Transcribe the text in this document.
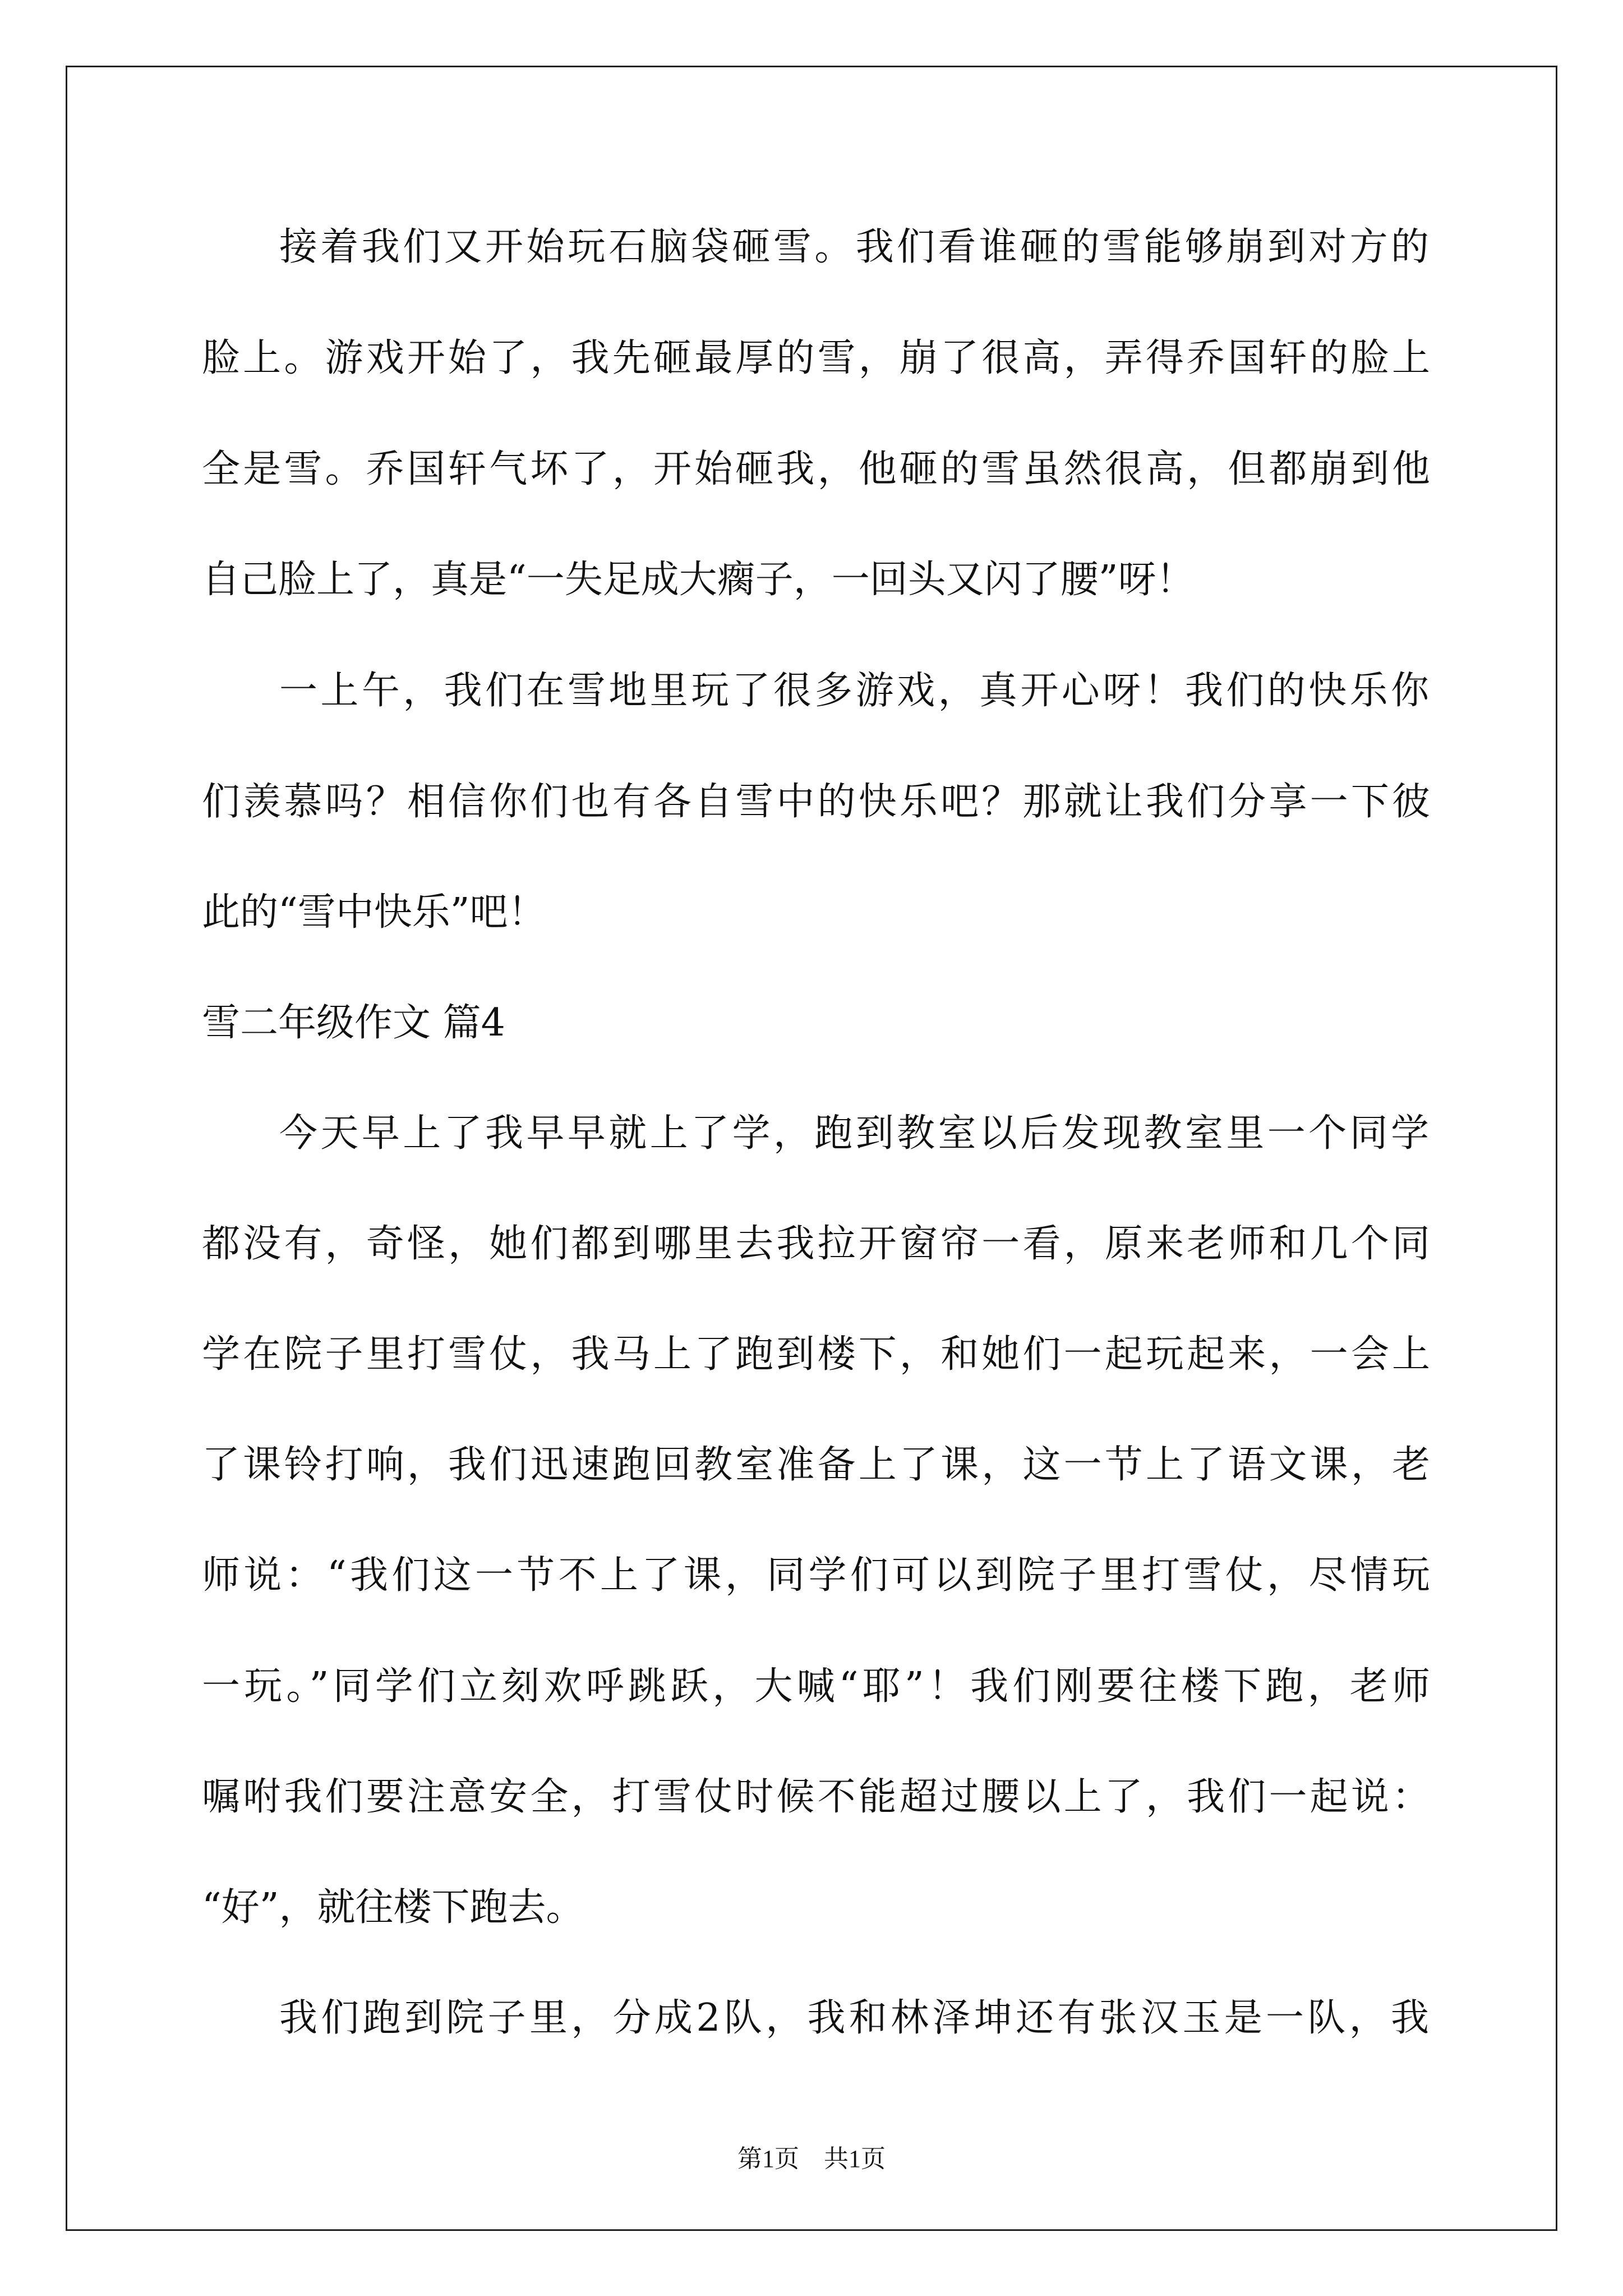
接着我们又开始玩石脑袋砸雪。我们看谁砸的雪能够崩到对方的
脸上。游戏开始了，我先砸最厚的雪，崩了很高，弄得乔国轩的脸上
全是雪。乔国轩气坏了，开始砸我，他砸的雪虽然很高，但都崩到他
自己脸上了，真是“一失足成大瘸子，一回头又闪了腰”呀！
一上午，我们在雪地里玩了很多游戏，真开心呀！我们的快乐你
们羡慕吗？相信你们也有各自雪中的快乐吧？那就让我们分享一下彼
此的“雪中快乐”吧！
雪二年级作文 篇4
今天早上了我早早就上了学，跑到教室以后发现教室里一个同学
都没有，奇怪，她们都到哪里去我拉开窗帘一看，原来老师和几个同
学在院子里打雪仗，我马上了跑到楼下，和她们一起玩起来，一会上
了课铃打响，我们迅速跑回教室准备上了课，这一节上了语文课，老
师说：“我们这一节不上了课，同学们可以到院子里打雪仗，尽情玩
一玩。”同学们立刻欢呼跳跃，大喊“耶”！我们刚要往楼下跑，老师
嘱咐我们要注意安全，打雪仗时候不能超过腰以上了，我们一起说：
“好”，就往楼下跑去。
我们跑到院子里，分成2队，我和林泽坤还有张汉玉是一队，我
第1页　共1页
